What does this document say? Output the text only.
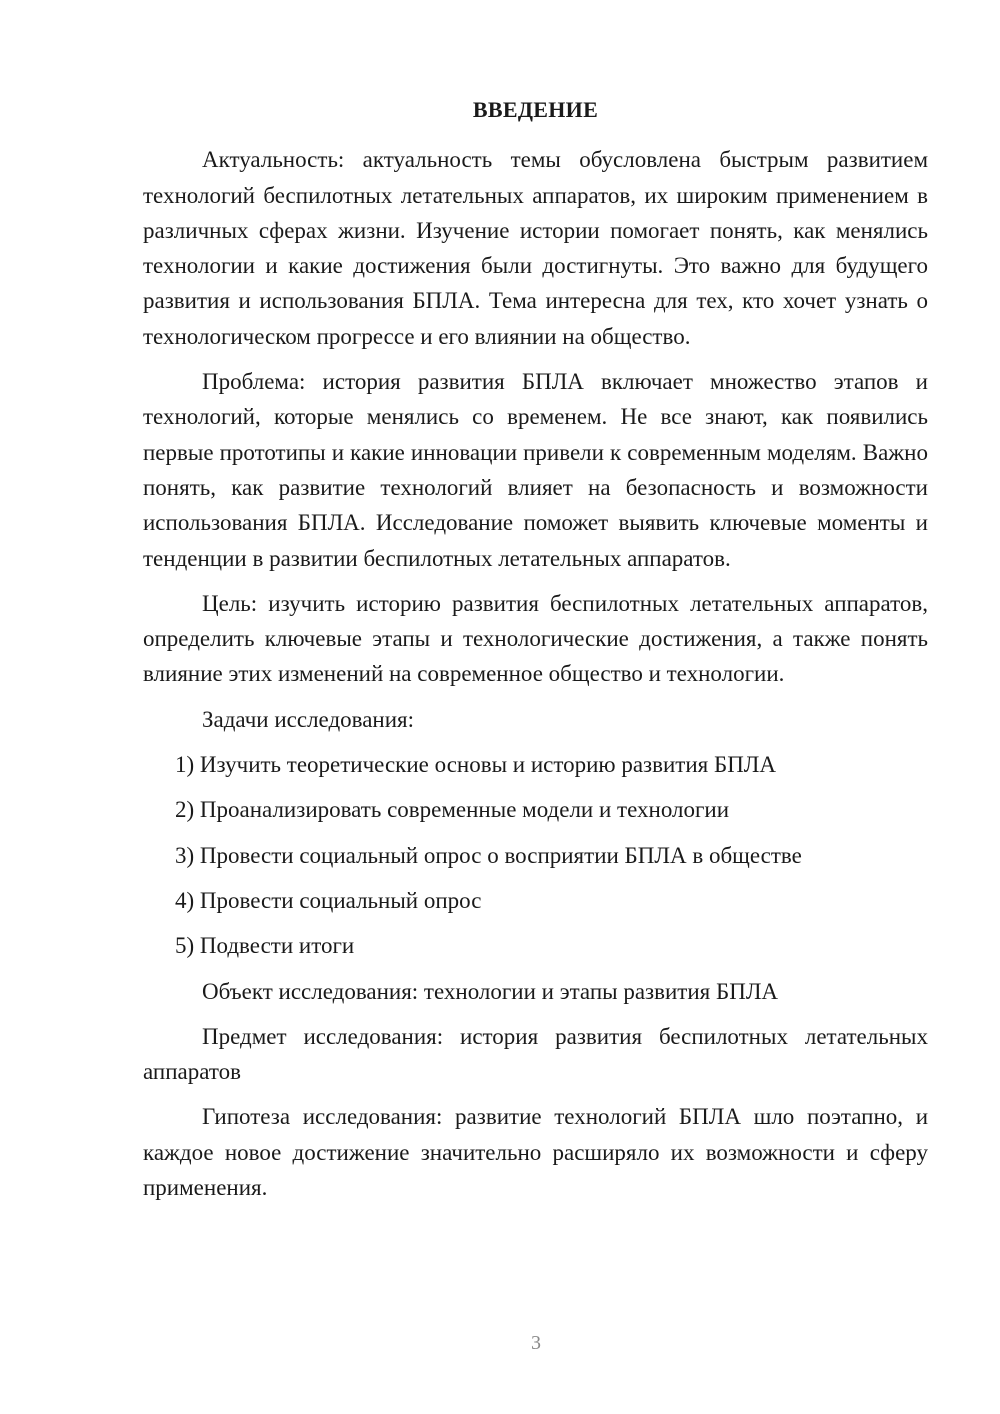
ВВЕДЕНИЕ

Актуальность: актуальность темы обусловлена быстрым развитием технологий беспилотных летательных аппаратов, их широким применением в различных сферах жизни. Изучение истории помогает понять, как менялись технологии и какие достижения были достигнуты. Это важно для будущего развития и использования БПЛА. Тема интересна для тех, кто хочет узнать о технологическом прогрессе и его влиянии на общество.

Проблема: история развития БПЛА включает множество этапов и технологий, которые менялись со временем. Не все знают, как появились первые прототипы и какие инновации привели к современным моделям. Важно понять, как развитие технологий влияет на безопасность и возможности использования БПЛА. Исследование поможет выявить ключевые моменты и тенденции в развитии беспилотных летательных аппаратов.

Цель: изучить историю развития беспилотных летательных аппаратов, определить ключевые этапы и технологические достижения, а также понять влияние этих изменений на современное общество и технологии.

Задачи исследования:

1) Изучить теоретические основы и историю развития БПЛА
2) Проанализировать современные модели и технологии
3) Провести социальный опрос о восприятии БПЛА в обществе
4) Провести социальный опрос
5) Подвести итоги

Объект исследования: технологии и этапы развития БПЛА

Предмет исследования: история развития беспилотных летательных аппаратов

Гипотеза исследования: развитие технологий БПЛА шло поэтапно, и каждое новое достижение значительно расширяло их возможности и сферу применения.

3
